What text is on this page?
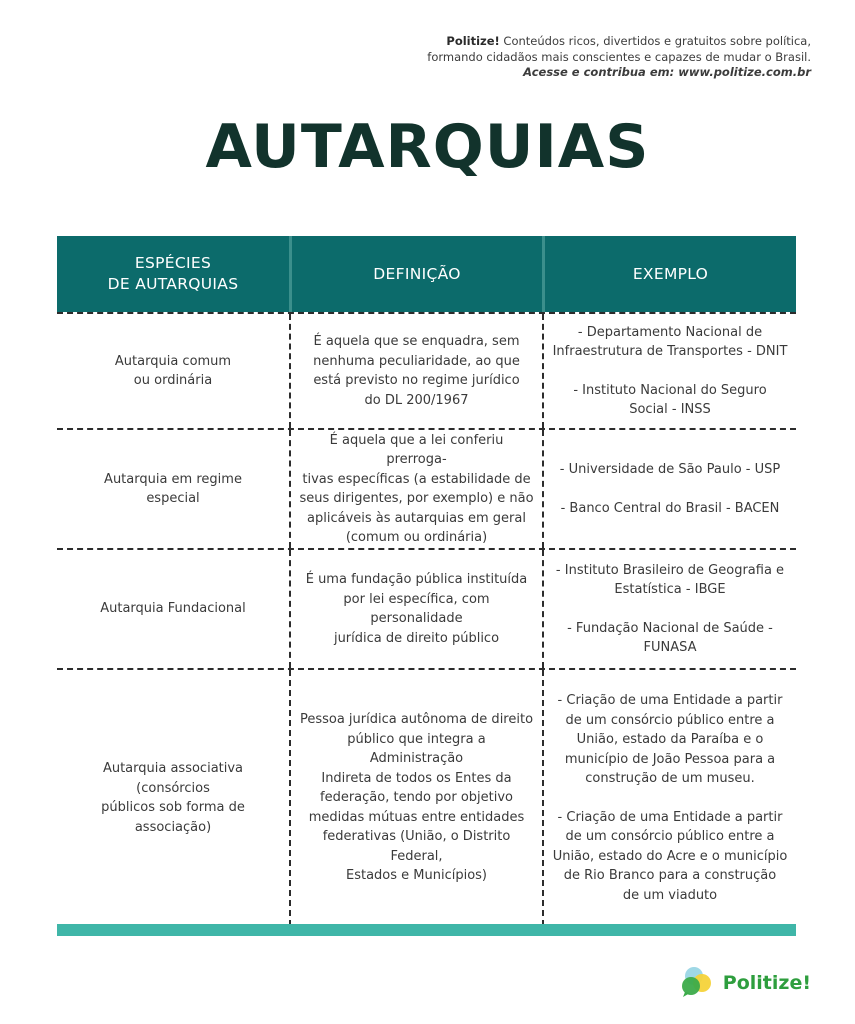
Politize! Conteúdos ricos, divertidos e gratuitos sobre política,
formando cidadãos mais conscientes e capazes de mudar o Brasil.
Acesse e contribua em: www.politize.com.br
AUTARQUIAS
ESPÉCIES
DE AUTARQUIAS
DEFINIÇÃO	EXEMPLO
Autarquia comum
ou ordinária
É aquela que se enquadra, sem
nenhuma peculiaridade, ao que
está previsto no regime jurídico
do DL 200/1967
- Departamento Nacional de
Infraestrutura de Transportes - DNIT
- Instituto Nacional do Seguro
Social - INSS
Autarquia em regime
especial
É aquela que a lei conferiu prerroga-
tivas específicas (a estabilidade de
seus dirigentes, por exemplo) e não
aplicáveis às autarquias em geral
(comum ou ordinária)
- Universidade de São Paulo - USP
- Banco Central do Brasil - BACEN
Autarquia Fundacional
É uma fundação pública instituída
por lei específica, com personalidade
jurídica de direito público
- Instituto Brasileiro de Geografia e
Estatística - IBGE
- Fundação Nacional de Saúde -
FUNASA
Autarquia associativa (consórcios
públicos sob forma de associação)
Pessoa jurídica autônoma de direito
público que integra a Administração
Indireta de todos os Entes da
federação, tendo por objetivo
medidas mútuas entre entidades
federativas (União, o Distrito Federal,
Estados e Municípios)
- Criação de uma Entidade a partir
de um consórcio público entre a
União, estado da Paraíba e o
município de João Pessoa para a
construção de um museu.
- Criação de uma Entidade a partir
de um consórcio público entre a
União, estado do Acre e o município
de Rio Branco para a construção
de um viaduto
Politize!
